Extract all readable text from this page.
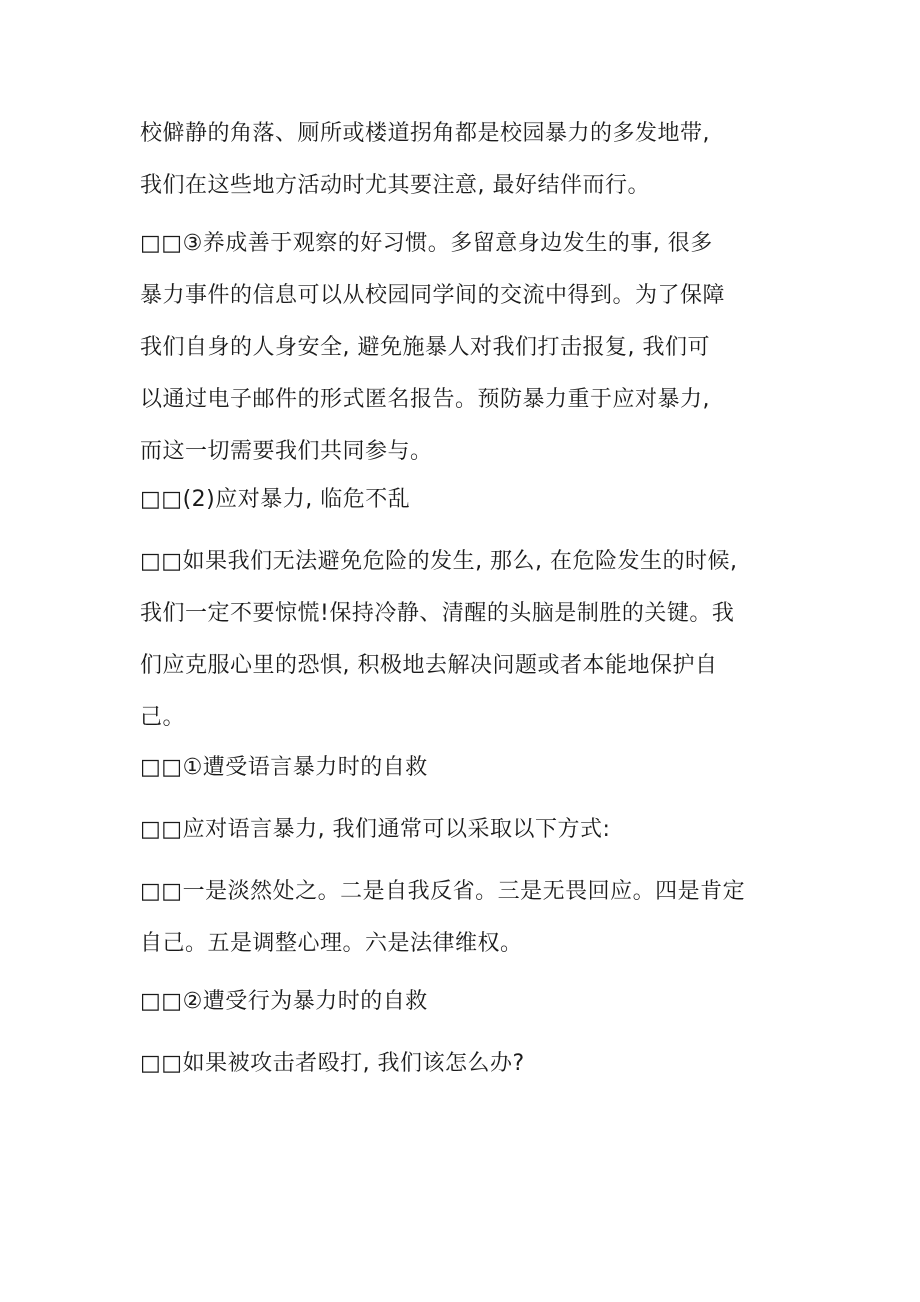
校僻静的角落、厕所或楼道拐角都是校园暴力的多发地带,
我们在这些地方活动时尤其要注意, 最好结伴而行。

□□③养成善于观察的好习惯。多留意身边发生的事, 很多
暴力事件的信息可以从校园同学间的交流中得到。为了保障
我们自身的人身安全, 避免施暴人对我们打击报复, 我们可
以通过电子邮件的形式匿名报告。预防暴力重于应对暴力,
而这一切需要我们共同参与。

□□(2)应对暴力, 临危不乱

□□如果我们无法避免危险的发生, 那么, 在危险发生的时候,
我们一定不要惊慌!保持冷静、清醒的头脑是制胜的关键。我
们应克服心里的恐惧, 积极地去解决问题或者本能地保护自
己。

□□①遭受语言暴力时的自救

□□应对语言暴力, 我们通常可以采取以下方式:

□□一是淡然处之。二是自我反省。三是无畏回应。四是肯定
自己。五是调整心理。六是法律维权。

□□②遭受行为暴力时的自救

□□如果被攻击者殴打, 我们该怎么办?
